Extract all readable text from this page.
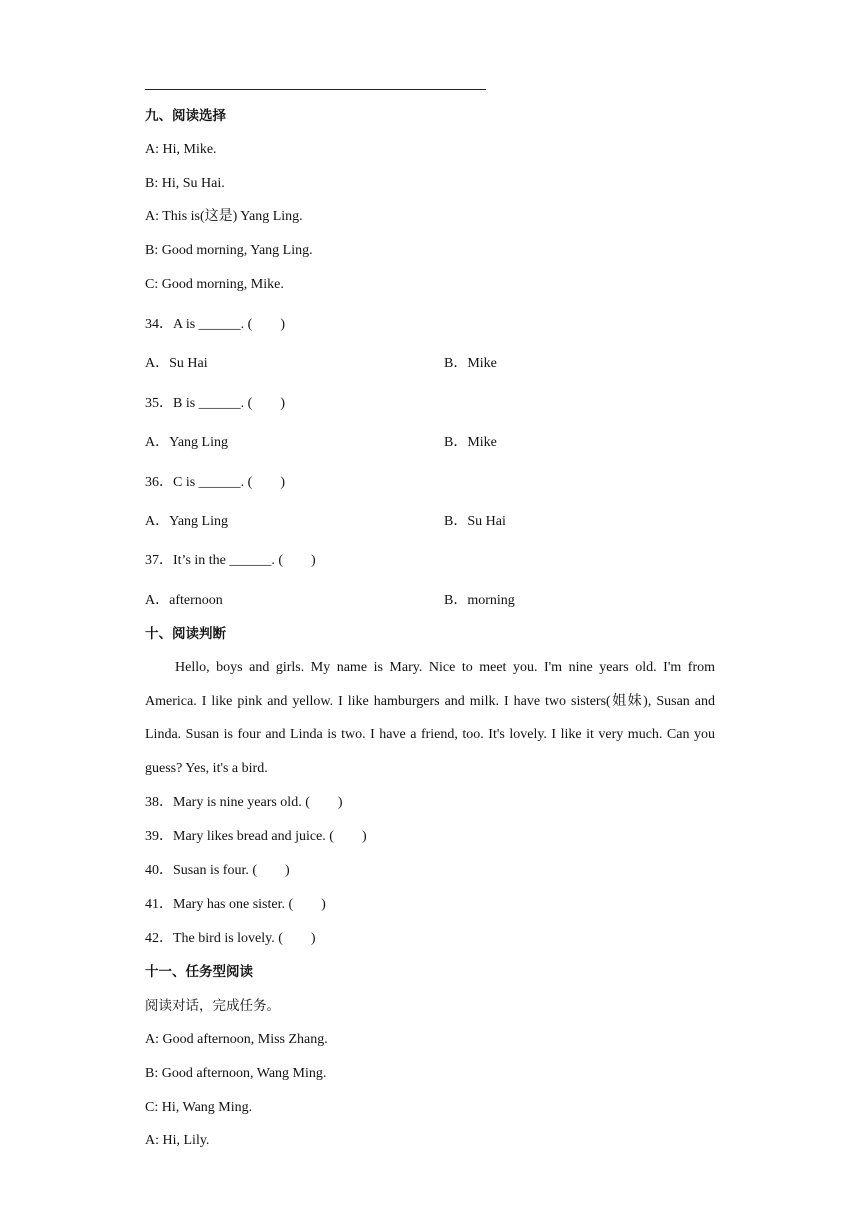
九、阅读选择
A: Hi, Mike.
B: Hi, Su Hai.
A: This is(这是) Yang Ling.
B: Good morning, Yang Ling.
C: Good morning, Mike.
34．A is ______. (　　)
A．Su Hai	B．Mike
35．B is ______. (　　)
A．Yang Ling	B．Mike
36．C is ______. (　　)
A．Yang Ling	B．Su Hai
37．It’s in the ______. (　　)
A．afternoon	B．morning
十、阅读判断
Hello, boys and girls. My name is Mary. Nice to meet you. I'm nine years old. I'm from America. I like pink and yellow. I like hamburgers and milk. I have two sisters(姐妹), Susan and Linda. Susan is four and Linda is two. I have a friend, too. It's lovely. I like it very much. Can you guess? Yes, it's a bird.
38．Mary is nine years old. (　　)
39．Mary likes bread and juice. (　　)
40．Susan is four. (　　)
41．Mary has one sister. (　　)
42．The bird is lovely. (　　)
十一、任务型阅读
阅读对话，完成任务。
A: Good afternoon, Miss Zhang.
B: Good afternoon, Wang Ming.
C: Hi, Wang Ming.
A: Hi, Lily.
